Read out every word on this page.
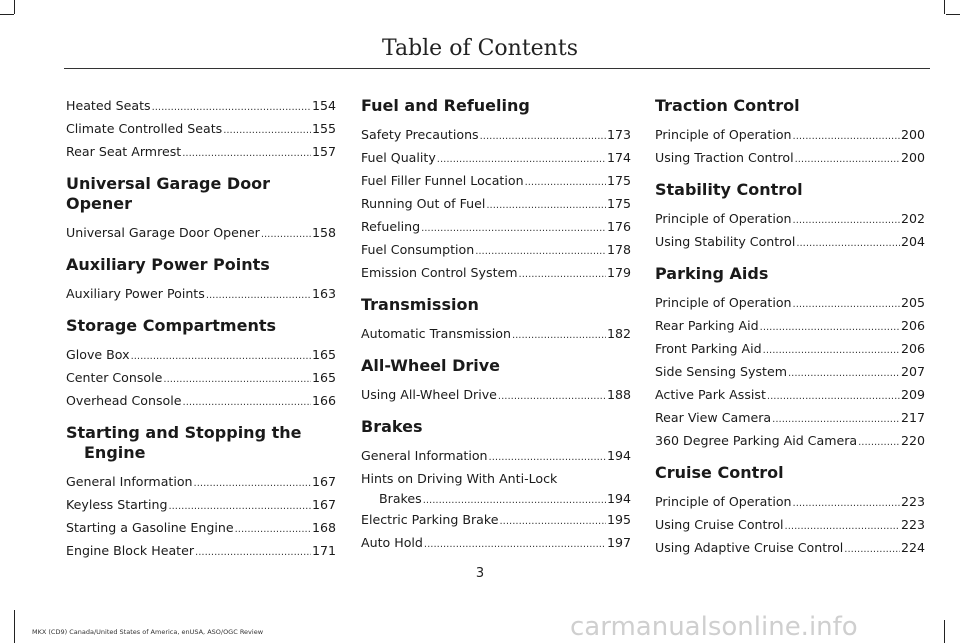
Table of Contents
Heated Seats .....	154
Climate Controlled Seats .....	155
Rear Seat Armrest .....	157
Universal Garage Door Opener
Universal Garage Door Opener .....	158
Auxiliary Power Points
Auxiliary Power Points .....	163
Storage Compartments
Glove Box .....	165
Center Console .....	165
Overhead Console .....	166
Starting and Stopping the
Engine
General Information .....	167
Keyless Starting .....	167
Starting a Gasoline Engine .....	168
Engine Block Heater .....	171
Fuel and Refueling
Safety Precautions .....	173
Fuel Quality .....	174
Fuel Filler Funnel Location .....	175
Running Out of Fuel .....	175
Refueling .....	176
Fuel Consumption .....	178
Emission Control System .....	179
Transmission
Automatic Transmission .....	182
All-Wheel Drive
Using All-Wheel Drive .....	188
Brakes
General Information .....	194
Hints on Driving With Anti-Lock
Brakes .....	194
Electric Parking Brake .....	195
Auto Hold .....	197
Traction Control
Principle of Operation .....	200
Using Traction Control .....	200
Stability Control
Principle of Operation .....	202
Using Stability Control .....	204
Parking Aids
Principle of Operation .....	205
Rear Parking Aid .....	206
Front Parking Aid .....	206
Side Sensing System .....	207
Active Park Assist .....	209
Rear View Camera .....	217
360 Degree Parking Aid Camera .....	220
Cruise Control
Principle of Operation .....	223
Using Cruise Control .....	223
Using Adaptive Cruise Control .....	224
3
MKX (CD9) Canada/United States of America, enUSA, ASO/OGC Review	carmanualsonline.info
